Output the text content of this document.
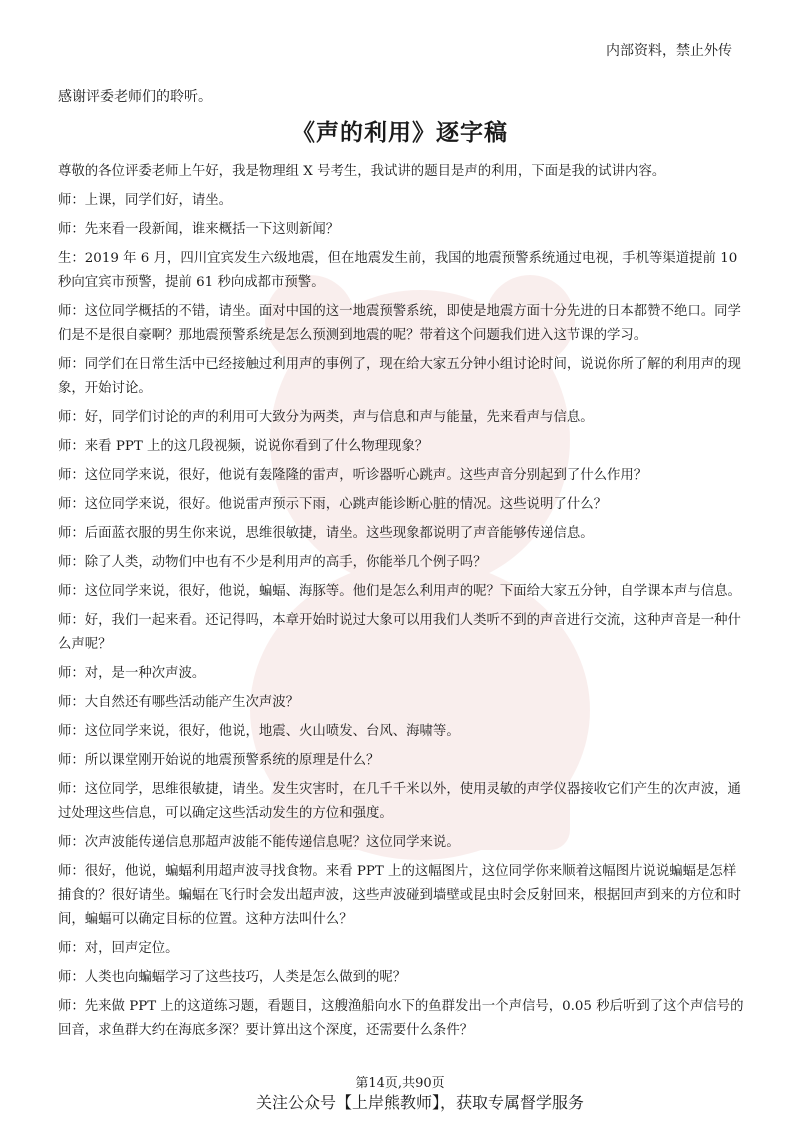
内部资料，禁止外传
感谢评委老师们的聆听。
《声的利用》逐字稿

尊敬的各位评委老师上午好，我是物理组 X 号考生，我试讲的题目是声的利用，下面是我的试讲内容。

师：上课，同学们好，请坐。

师：先来看一段新闻，谁来概括一下这则新闻？

生：2019 年 6 月，四川宜宾发生六级地震，但在地震发生前，我国的地震预警系统通过电视，手机等渠道提前 10 秒向宜宾市预警，提前 61 秒向成都市预警。

师：这位同学概括的不错，请坐。面对中国的这一地震预警系统，即使是地震方面十分先进的日本都赞不绝口。同学们是不是很自豪啊？那地震预警系统是怎么预测到地震的呢？带着这个问题我们进入这节课的学习。

师：同学们在日常生活中已经接触过利用声的事例了，现在给大家五分钟小组讨论时间，说说你所了解的利用声的现象，开始讨论。

师：好，同学们讨论的声的利用可大致分为两类，声与信息和声与能量，先来看声与信息。

师：来看 PPT 上的这几段视频，说说你看到了什么物理现象？

师：这位同学来说，很好，他说有轰隆隆的雷声，听诊器听心跳声。这些声音分别起到了什么作用？

师：这位同学来说，很好。他说雷声预示下雨，心跳声能诊断心脏的情况。这些说明了什么？

师：后面蓝衣服的男生你来说，思维很敏捷，请坐。这些现象都说明了声音能够传递信息。

师：除了人类，动物们中也有不少是利用声的高手，你能举几个例子吗？

师：这位同学来说，很好，他说，蝙蝠、海豚等。他们是怎么利用声的呢？下面给大家五分钟，自学课本声与信息。

师：好，我们一起来看。还记得吗，本章开始时说过大象可以用我们人类听不到的声音进行交流，这种声音是一种什么声呢？

师：对，是一种次声波。

师：大自然还有哪些活动能产生次声波？

师：这位同学来说，很好，他说，地震、火山喷发、台风、海啸等。

师：所以课堂刚开始说的地震预警系统的原理是什么？

师：这位同学，思维很敏捷，请坐。发生灾害时，在几千千米以外，使用灵敏的声学仪器接收它们产生的次声波，通过处理这些信息，可以确定这些活动发生的方位和强度。

师：次声波能传递信息那超声波能不能传递信息呢？这位同学来说。

师：很好，他说，蝙蝠利用超声波寻找食物。来看 PPT 上的这幅图片，这位同学你来顺着这幅图片说说蝙蝠是怎样捕食的？很好请坐。蝙蝠在飞行时会发出超声波，这些声波碰到墙壁或昆虫时会反射回来，根据回声到来的方位和时间，蝙蝠可以确定目标的位置。这种方法叫什么？

师：对，回声定位。

师：人类也向蝙蝠学习了这些技巧，人类是怎么做到的呢？

师：先来做 PPT 上的这道练习题，看题目，这艘渔船向水下的鱼群发出一个声信号，0.05 秒后听到了这个声信号的回音，求鱼群大约在海底多深？要计算出这个深度，还需要什么条件？

第14页,共90页
关注公众号【上岸熊教师】，获取专属督学服务
